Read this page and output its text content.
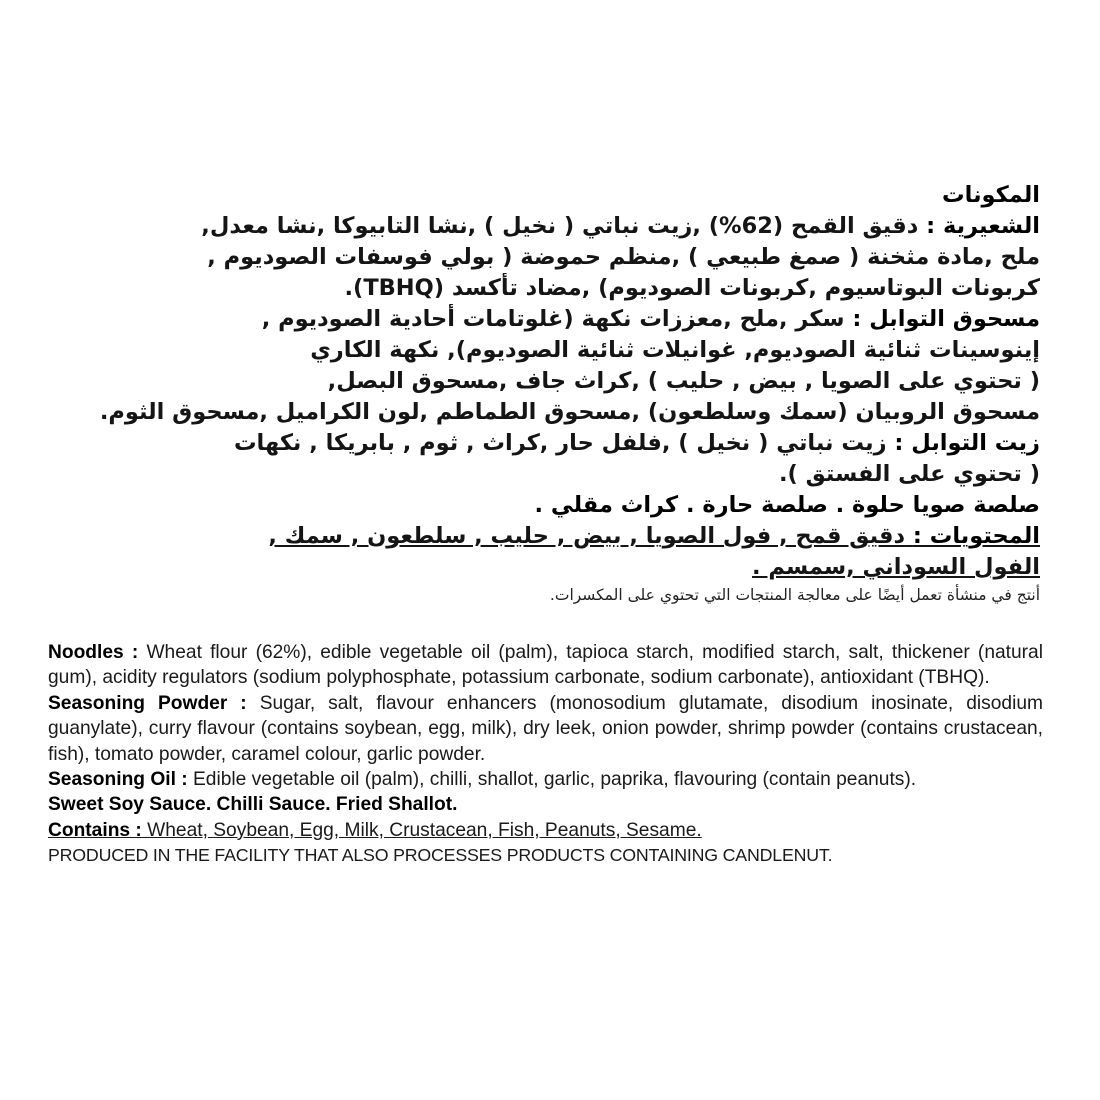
المكونات
الشعيرية : دقيق القمح (62%) ,زيت نباتي ( نخيل ) ,نشا التابيوكا ,نشا معدل,
ملح ,مادة مثخنة ( صمغ طبيعي ) ,منظم حموضة ( بولي فوسفات الصوديوم ,
كربونات البوتاسيوم ,كربونات الصوديوم) ,مضاد تأكسد (TBHQ).
مسحوق التوابل : سكر ,ملح ,معززات نكهة (غلوتامات أحادية الصوديوم ,
إينوسينات ثنائية الصوديوم, غوانيلات ثنائية الصوديوم), نكهة الكاري
( تحتوي على الصويا , بيض , حليب ) ,كراث جاف ,مسحوق البصل,
مسحوق الروبيان (سمك وسلطعون) ,مسحوق الطماطم ,لون الكراميل ,مسحوق الثوم.
زيت التوابل : زيت نباتي ( نخيل ) ,فلفل حار ,كراث , ثوم , بابريكا , نكهات
( تحتوي على الفستق ).
صلصة صويا حلوة . صلصة حارة . كراث مقلي .
المحتويات : دقيق قمح , فول الصويا , بيض , حليب , سلطعون , سمك ,
الفول السوداني ,سمسم .
أنتج في منشأة تعمل أيضًا على معالجة المنتجات التي تحتوي على المكسرات.

Noodles : Wheat flour (62%), edible vegetable oil (palm), tapioca starch, modified starch, salt, thickener (natural gum), acidity regulators (sodium polyphosphate, potassium carbonate, sodium carbonate), antioxidant (TBHQ).

Seasoning Powder : Sugar, salt, flavour enhancers (monosodium glutamate, disodium inosinate, disodium guanylate), curry flavour (contains soybean, egg, milk), dry leek, onion powder, shrimp powder (contains crustacean, fish), tomato powder, caramel colour, garlic powder.

Seasoning Oil : Edible vegetable oil (palm), chilli, shallot, garlic, paprika, flavouring (contain peanuts).

Sweet Soy Sauce. Chilli Sauce. Fried Shallot.

Contains : Wheat, Soybean, Egg, Milk, Crustacean, Fish, Peanuts, Sesame.

PRODUCED IN THE FACILITY THAT ALSO PROCESSES PRODUCTS CONTAINING CANDLENUT.
